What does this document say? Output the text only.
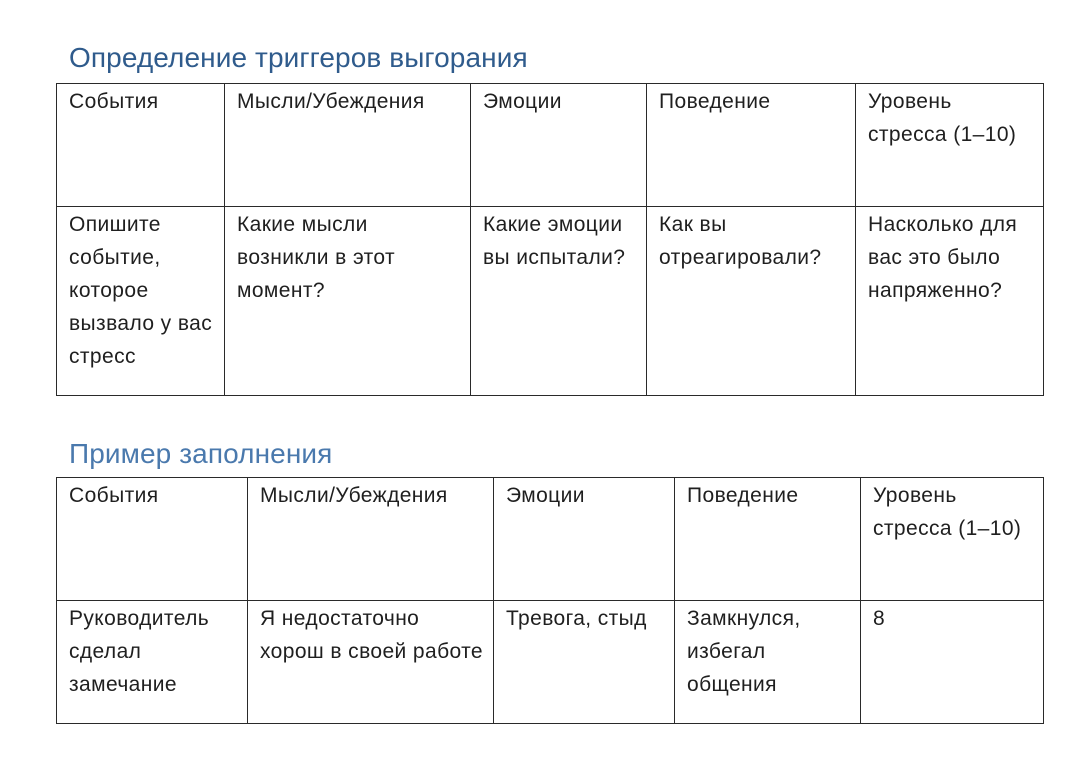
Определение триггеров выгорания
События	Мысли/Убеждения	Эмоции	Поведение	Уровень стресса (1–10)
Опишите событие, которое вызвало у вас стресс	Какие мысли возникли в этот момент?	Какие эмоции вы испытали?	Как вы отреагировали?	Насколько для вас это было напряженно?
Пример заполнения
События	Мысли/Убеждения	Эмоции	Поведение	Уровень стресса (1–10)
Руководитель сделал замечание	Я недостаточно хорош в своей работе	Тревога, стыд	Замкнулся, избегал общения	8
